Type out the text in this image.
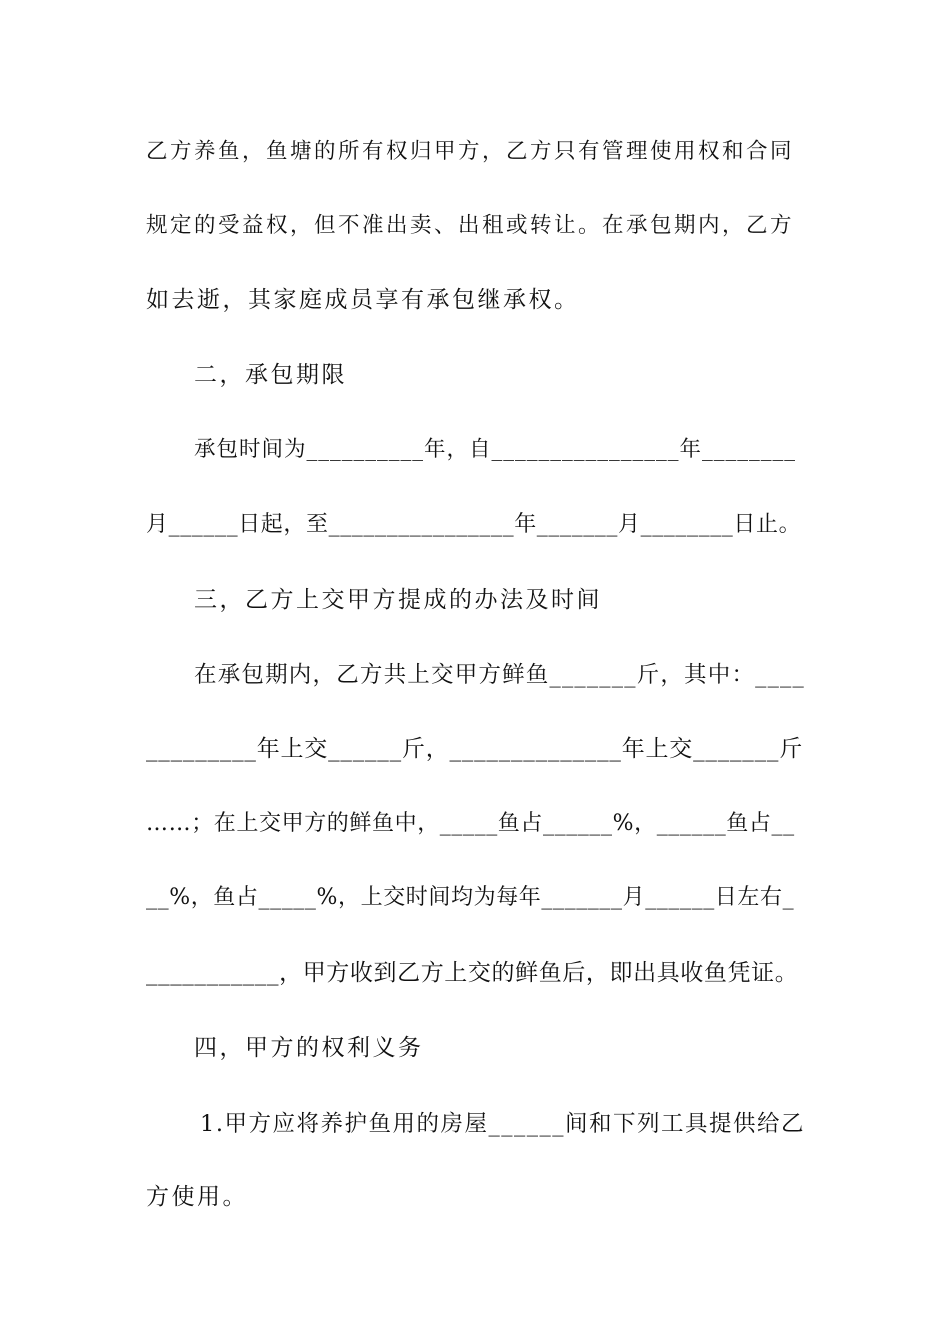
乙方养鱼，鱼塘的所有权归甲方，乙方只有管理使用权和合同
规定的受益权，但不准出卖、出租或转让。在承包期内，乙方
如去逝，其家庭成员享有承包继承权。
二，承包期限
承包时间为__________年，自________________年________
月______日起，至________________年_______月________日止。
三，乙方上交甲方提成的办法及时间
在承包期内，乙方共上交甲方鲜鱼_______斤，其中：____
_________年上交______斤，______________年上交_______斤
……；在上交甲方的鲜鱼中，_____鱼占______%，______鱼占__
__%，鱼占_____%，上交时间均为每年_______月______日左右_
___________，甲方收到乙方上交的鲜鱼后，即出具收鱼凭证。
四，甲方的权利义务
1.甲方应将养护鱼用的房屋______间和下列工具提供给乙
方使用。
